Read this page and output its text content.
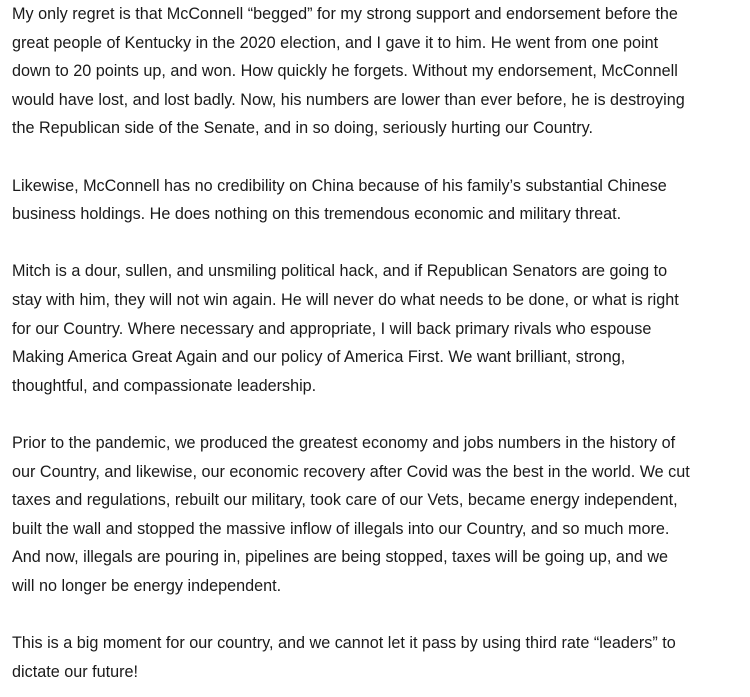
My only regret is that McConnell “begged” for my strong support and endorsement before the
great people of Kentucky in the 2020 election, and I gave it to him. He went from one point
down to 20 points up, and won. How quickly he forgets. Without my endorsement, McConnell
would have lost, and lost badly. Now, his numbers are lower than ever before, he is destroying
the Republican side of the Senate, and in so doing, seriously hurting our Country.

Likewise, McConnell has no credibility on China because of his family’s substantial Chinese
business holdings. He does nothing on this tremendous economic and military threat.

Mitch is a dour, sullen, and unsmiling political hack, and if Republican Senators are going to
stay with him, they will not win again. He will never do what needs to be done, or what is right
for our Country. Where necessary and appropriate, I will back primary rivals who espouse
Making America Great Again and our policy of America First. We want brilliant, strong,
thoughtful, and compassionate leadership.

Prior to the pandemic, we produced the greatest economy and jobs numbers in the history of
our Country, and likewise, our economic recovery after Covid was the best in the world. We cut
taxes and regulations, rebuilt our military, took care of our Vets, became energy independent,
built the wall and stopped the massive inflow of illegals into our Country, and so much more.
And now, illegals are pouring in, pipelines are being stopped, taxes will be going up, and we
will no longer be energy independent.

This is a big moment for our country, and we cannot let it pass by using third rate “leaders” to
dictate our future!
